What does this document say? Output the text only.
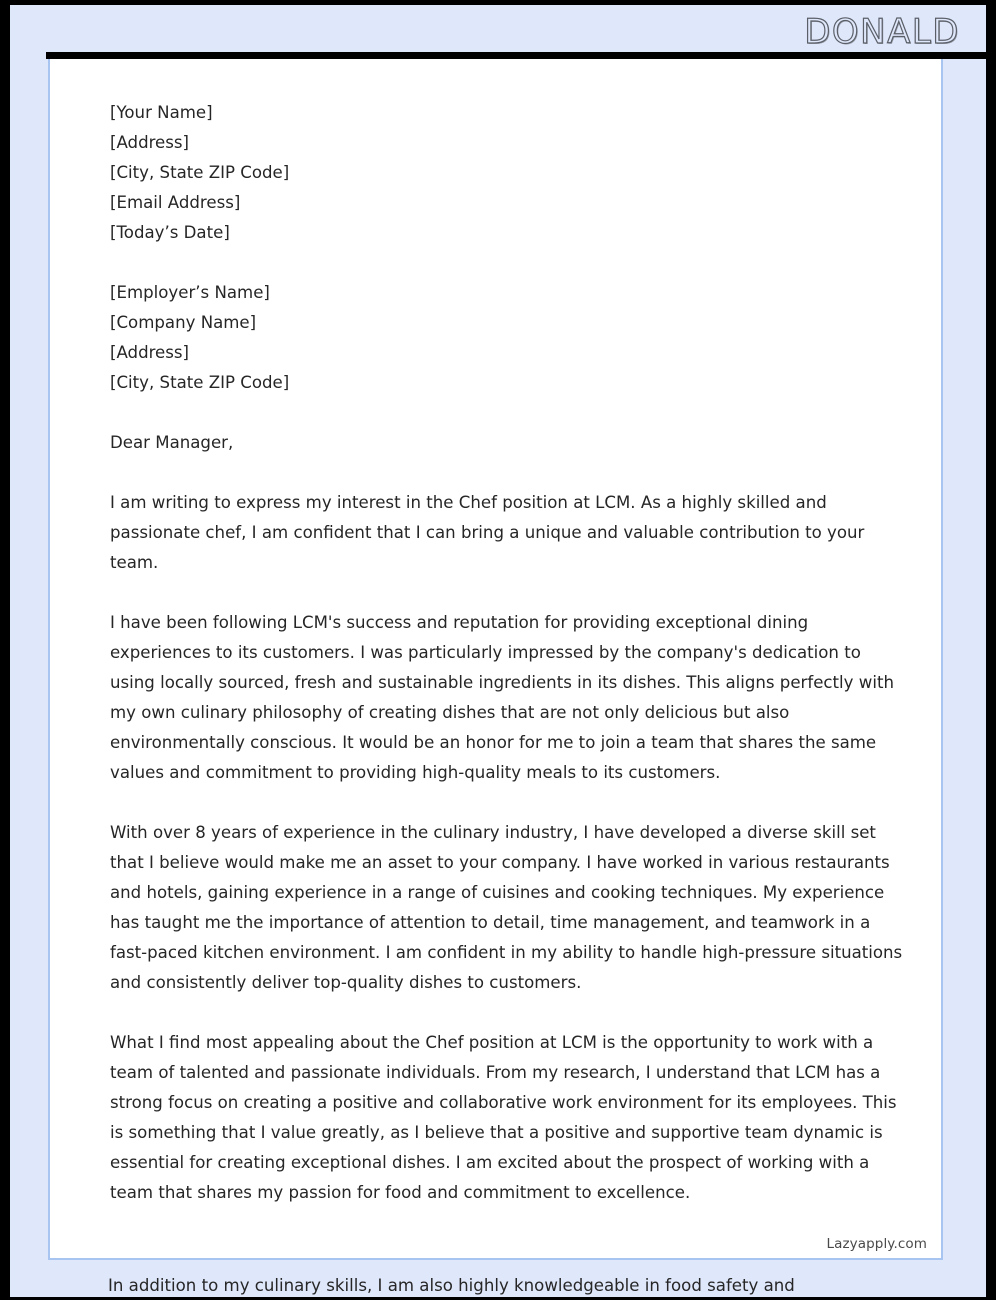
DONALD
[Your Name]
[Address]
[City, State ZIP Code]
[Email Address]
[Today’s Date]
[Employer’s Name]
[Company Name]
[Address]
[City, State ZIP Code]

Dear Manager,

I am writing to express my interest in the Chef position at LCM. As a highly skilled and passionate chef, I am confident that I can bring a unique and valuable contribution to your team.

I have been following LCM's success and reputation for providing exceptional dining experiences to its customers. I was particularly impressed by the company's dedication to using locally sourced, fresh and sustainable ingredients in its dishes. This aligns perfectly with my own culinary philosophy of creating dishes that are not only delicious but also environmentally conscious. It would be an honor for me to join a team that shares the same values and commitment to providing high-quality meals to its customers.

With over 8 years of experience in the culinary industry, I have developed a diverse skill set that I believe would make me an asset to your company. I have worked in various restaurants and hotels, gaining experience in a range of cuisines and cooking techniques. My experience has taught me the importance of attention to detail, time management, and teamwork in a fast-paced kitchen environment. I am confident in my ability to handle high-pressure situations and consistently deliver top-quality dishes to customers.

What I find most appealing about the Chef position at LCM is the opportunity to work with a team of talented and passionate individuals. From my research, I understand that LCM has a strong focus on creating a positive and collaborative work environment for its employees. This is something that I value greatly, as I believe that a positive and supportive team dynamic is essential for creating exceptional dishes. I am excited about the prospect of working with a team that shares my passion for food and commitment to excellence.

Lazyapply.com
In addition to my culinary skills, I am also highly knowledgeable in food safety and
